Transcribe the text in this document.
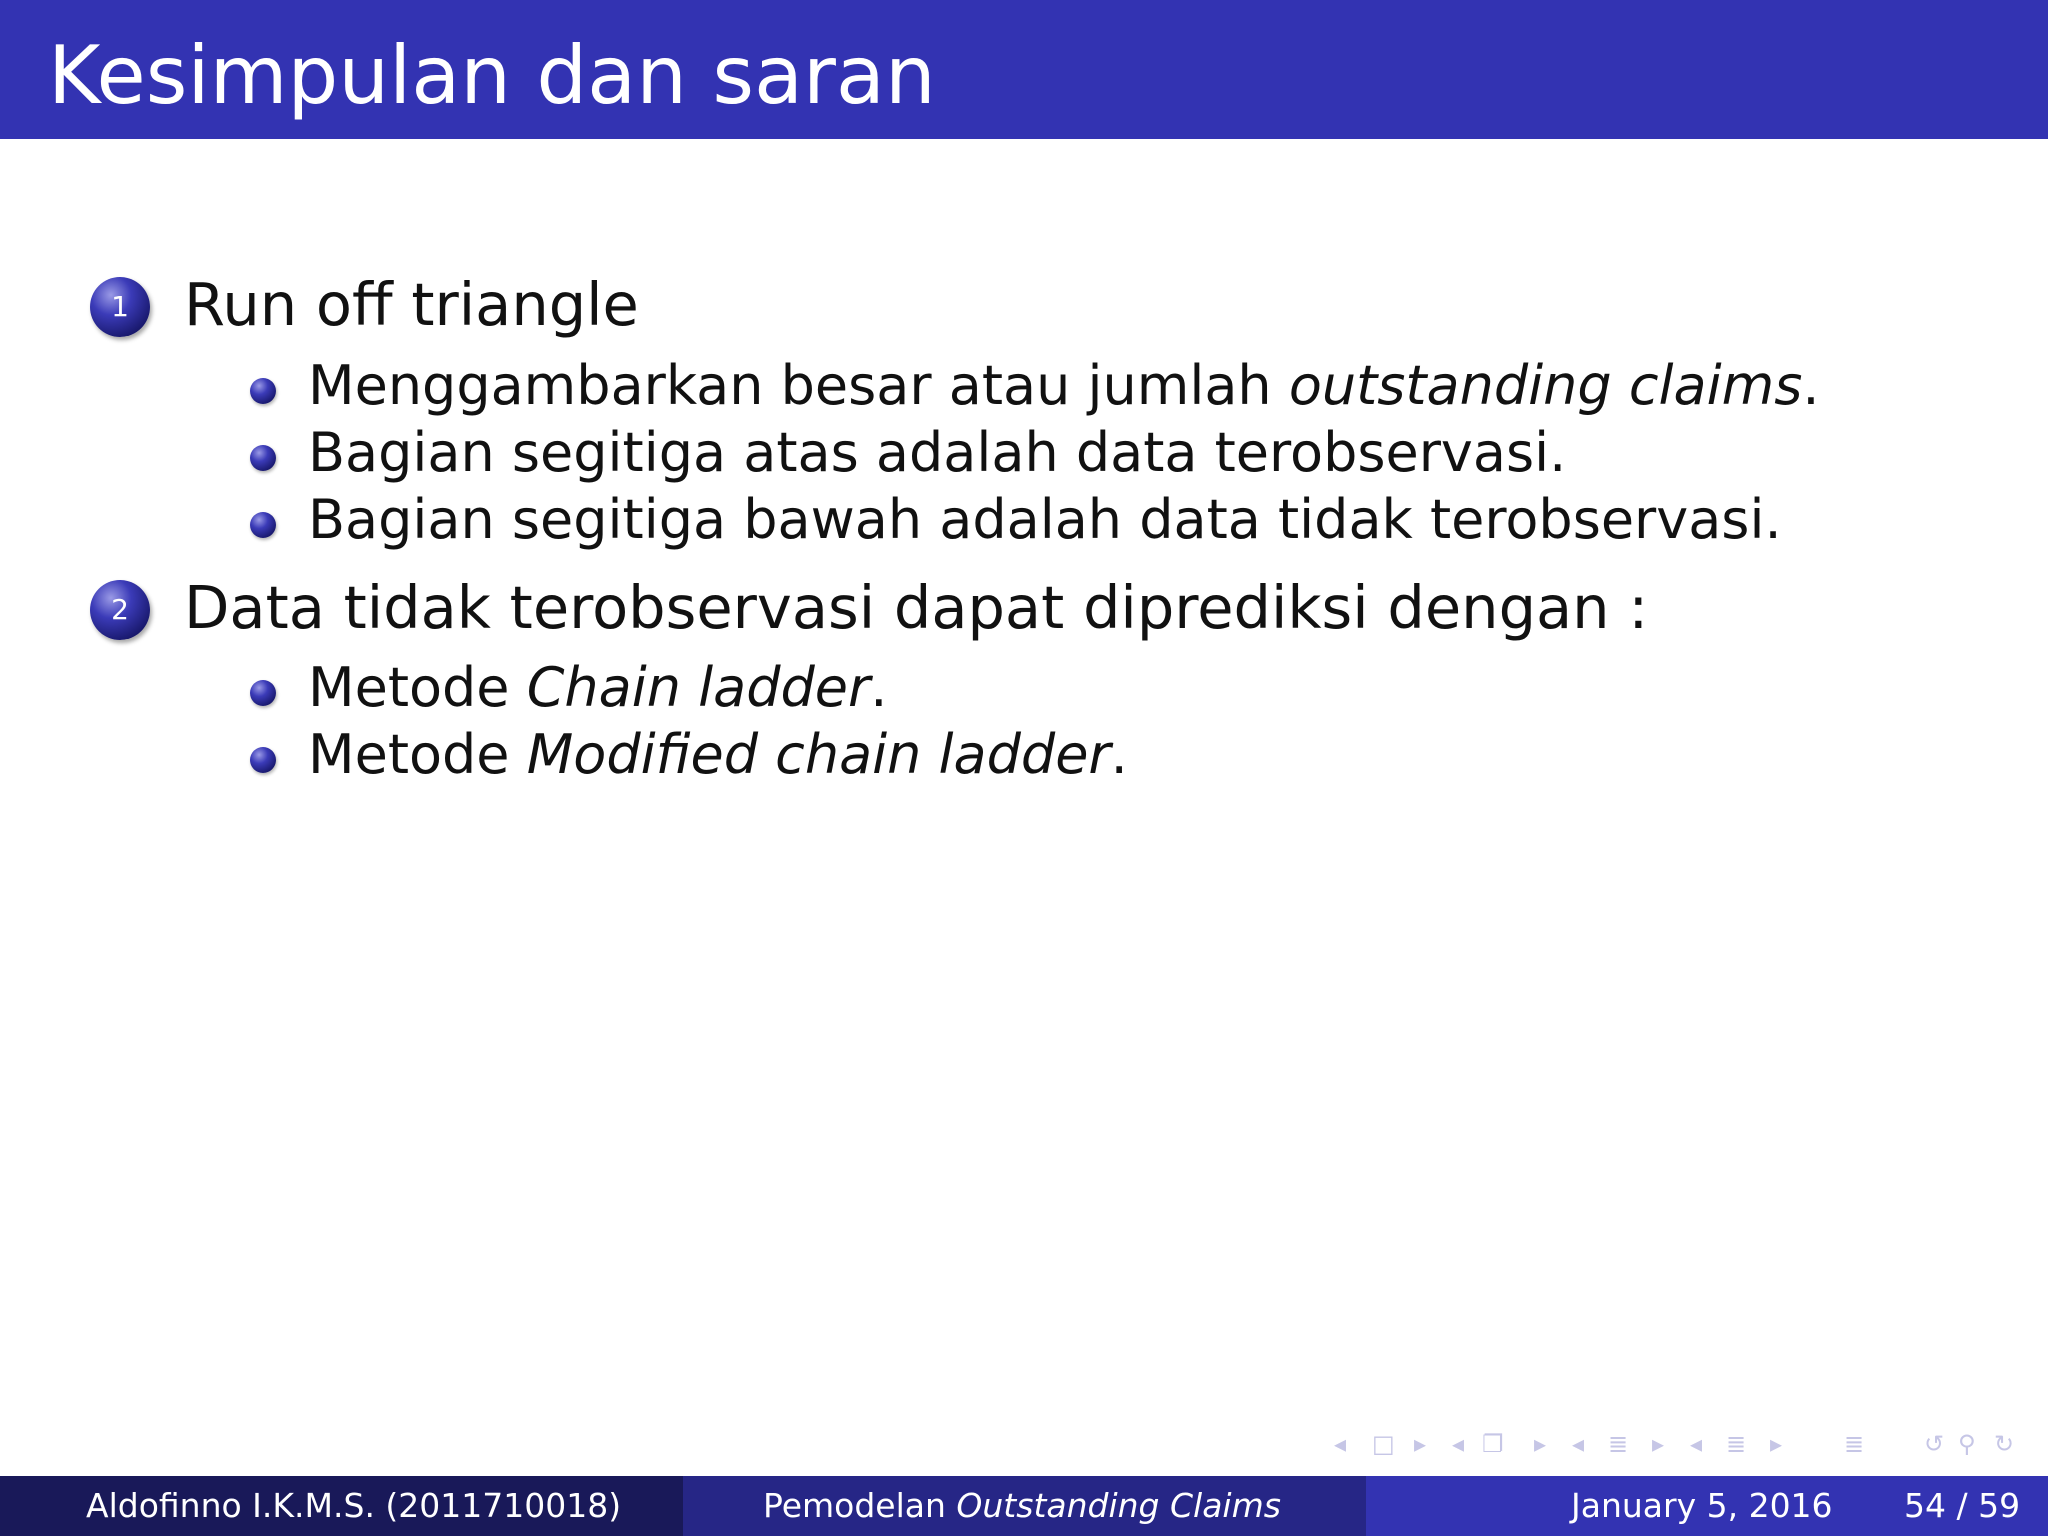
Kesimpulan dan saran
1 Run off triangle
Menggambarkan besar atau jumlah outstanding claims.
Bagian segitiga atas adalah data terobservasi.
Bagian segitiga bawah adalah data tidak terobservasi.
2 Data tidak terobservasi dapat diprediksi dengan :
Metode Chain ladder.
Metode Modified chain ladder.
◂ □ ▸ ◂ ❐ ▸ ◂ ≣ ▸ ◂ ≣ ▸	≣ ↺ ⚲ ↻
Aldofinno I.K.M.S. (2011710018)	Pemodelan Outstanding Claims	January 5, 2016 54 / 59
